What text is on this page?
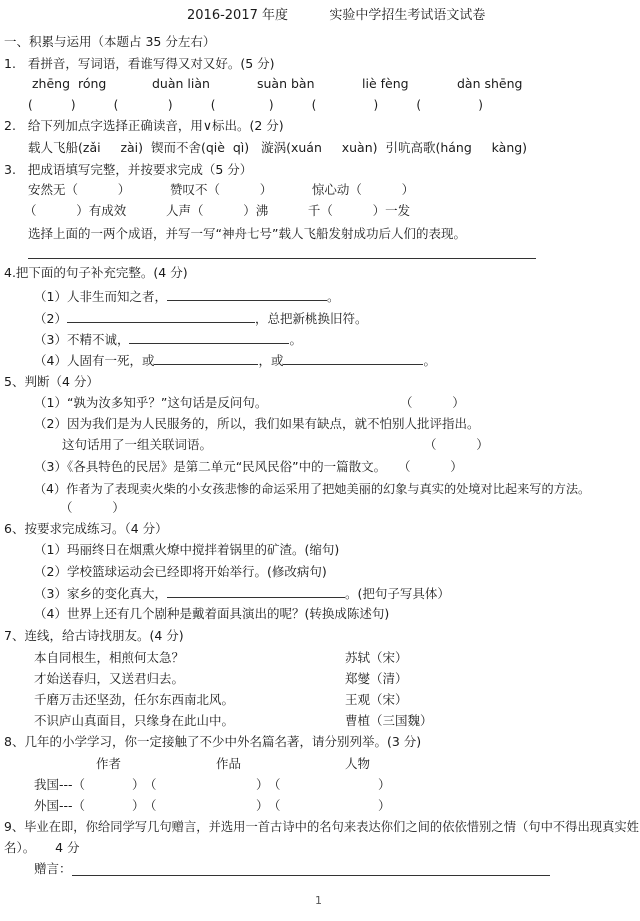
2016-2017 年度          实验中学招生考试语文试卷
一、积累与运用（本题占 35 分左右）
1.   看拼音，写词语，看谁写得又对又好。(5 分)
zhēng  róng	duàn liàn	suàn bàn	liè fèng	dàn shēng
(          )          (             )          (              )          (               )          (               )
2.   给下列加点字选择正确读音，用∨标出。(2 分)
载人飞船(zǎi     zài)  锲而不舍(qiè  qì)   漩涡(xuán     xuàn)  引吭高歌(háng     kàng)
3.   把成语填写完整，并按要求完成（5 分）
安然无（          ）          赞叹不（          ）          惊心动（          ）
（          ）有成效          人声（          ）沸          千（          ）一发
选择上面的一两个成语，并写一写“神舟七号”载人飞船发射成功后人们的表现。
4.把下面的句子补充完整。(4 分)
（1）人非生而知之者，	。
（2）	，总把新桃换旧符。
（3）不精不诚，	。
（4）人固有一死，或	，或	。
5、判断（4 分）
（1）“孰为汝多知乎？”这句话是反问句。	（          ）
（2）因为我们是为人民服务的，所以，我们如果有缺点，就不怕别人批评指出。
这句话用了一组关联词语。	（          ）
（3）《各具特色的民居》是第二单元“民风民俗”中的一篇散文。 （          ）
（4）作者为了表现卖火柴的小女孩悲惨的命运采用了把她美丽的幻象与真实的处境对比起来写的方法。
（          ）
6、按要求完成练习。（4 分）
（1）玛丽终日在烟熏火燎中搅拌着锅里的矿渣。(缩句)
（2）学校篮球运动会已经即将开始举行。(修改病句)
（3）家乡的变化真大，	。(把句子写具体）
（4）世界上还有几个剧种是戴着面具演出的呢？(转换成陈述句)
7、连线，给古诗找朋友。(4 分)
本自同根生，相煎何太急？
才始送春归，又送君归去。
千磨万击还坚劲，任尔东西南北风。
不识庐山真面目，只缘身在此山中。
苏轼（宋）
郑燮（清）
王观（宋）
曹植（三国魏）
8、几年的小学学习，你一定接触了不少中外名篇名著，请分别列举。(3 分)
作者	作品	人物
我国---（	） （	） （	）
外国---（	） （	） （	）
9、毕业在即，你给同学写几句赠言，并选用一首古诗中的名句来表达你们之间的依依惜别之情（句中不得出现真实姓
名）。     4 分
赠言：
1
